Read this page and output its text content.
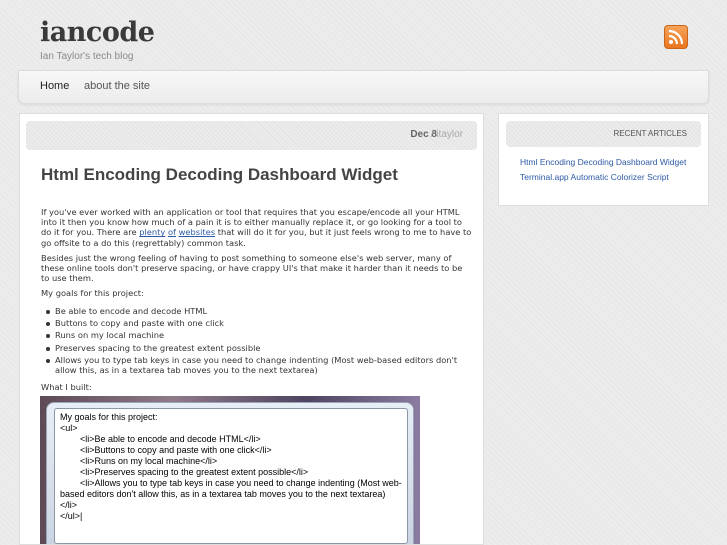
iancode
Ian Taylor's tech blog
Home about the site
Dec 8
/ itaylor
Html Encoding Decoding Dashboard Widget

If you've ever worked with an application or tool that requires that you escape/encode all your HTML into it then you know how much of a pain it is to either manually replace it, or go looking for a tool to do it for you. There are plenty of websites that will do it for you, but it just feels wrong to me to have to go offsite to a do this (regrettably) common task.

Besides just the wrong feeling of having to post something to someone else's web server, many of these online tools don't preserve spacing, or have crappy UI's that make it harder than it needs to be to use them.

My goals for this project:

Be able to encode and decode HTML
Buttons to copy and paste with one click
Runs on my local machine
Preserves spacing to the greatest extent possible
Allows you to type tab keys in case you need to change indenting (Most web-based editors don't allow this, as in a textarea tab moves you to the next textarea)

What I built:

My goals for this project:
<ul>
<li>Be able to encode and decode HTML</li>
<li>Buttons to copy and paste with one click</li>
<li>Runs on my local machine</li>
<li>Preserves spacing to the greatest extent possible</li>
<li>Allows you to type tab keys in case you need to change indenting (Most web-based editors don't allow this, as in a textarea tab moves you to the next textarea)</li>
</ul>|
RECENT ARTICLES
Html Encoding Decoding Dashboard Widget
Terminal.app Automatic Colorizer Script
